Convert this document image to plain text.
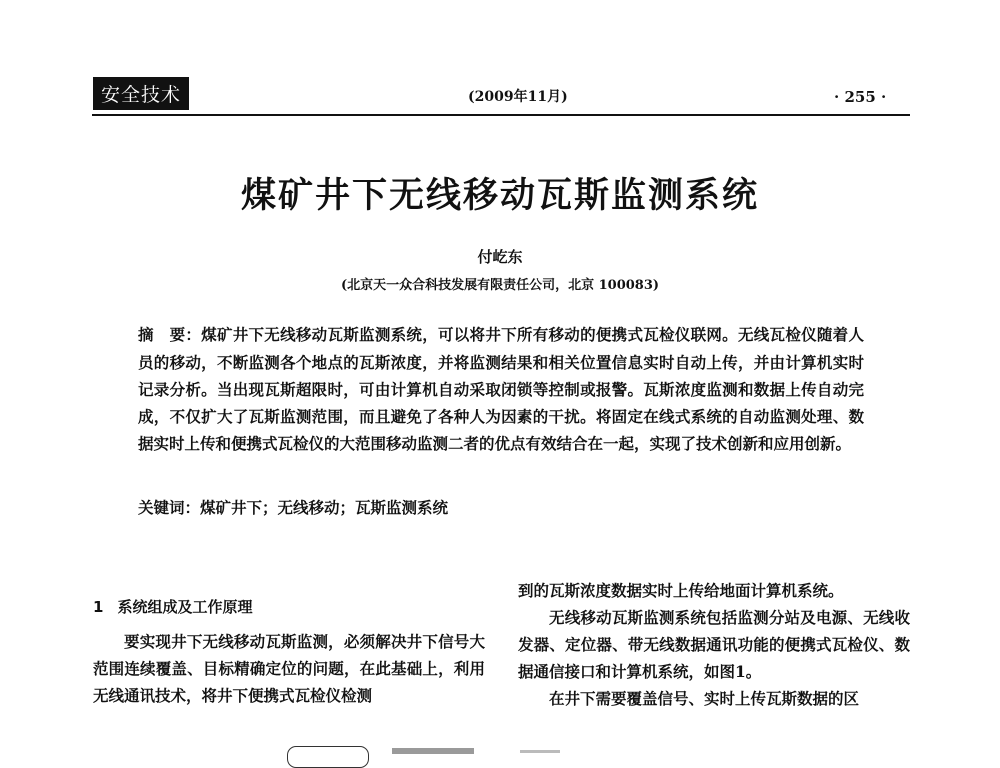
安全技术	(2009年11月)	· 255 ·
煤矿井下无线移动瓦斯监测系统
付屹东
(北京天一众合科技发展有限责任公司，北京 100083)
摘　要：煤矿井下无线移动瓦斯监测系统，可以将井下所有移动的便携式瓦检仪联网。无线瓦检仪随着人员的移动，不断监测各个地点的瓦斯浓度，并将监测结果和相关位置信息实时自动上传，并由计算机实时记录分析。当出现瓦斯超限时，可由计算机自动采取闭锁等控制或报警。瓦斯浓度监测和数据上传自动完成，不仅扩大了瓦斯监测范围，而且避免了各种人为因素的干扰。将固定在线式系统的自动监测处理、数据实时上传和便携式瓦检仪的大范围移动监测二者的优点有效结合在一起，实现了技术创新和应用创新。
关键词：煤矿井下；无线移动；瓦斯监测系统
1 系统组成及工作原理

要实现井下无线移动瓦斯监测，必须解决井下信号大范围连续覆盖、目标精确定位的问题，在此基础上，利用无线通讯技术，将井下便携式瓦检仪检测

到的瓦斯浓度数据实时上传给地面计算机系统。

无线移动瓦斯监测系统包括监测分站及电源、无线收发器、定位器、带无线数据通讯功能的便携式瓦检仪、数据通信接口和计算机系统，如图1。

在井下需要覆盖信号、实时上传瓦斯数据的区
